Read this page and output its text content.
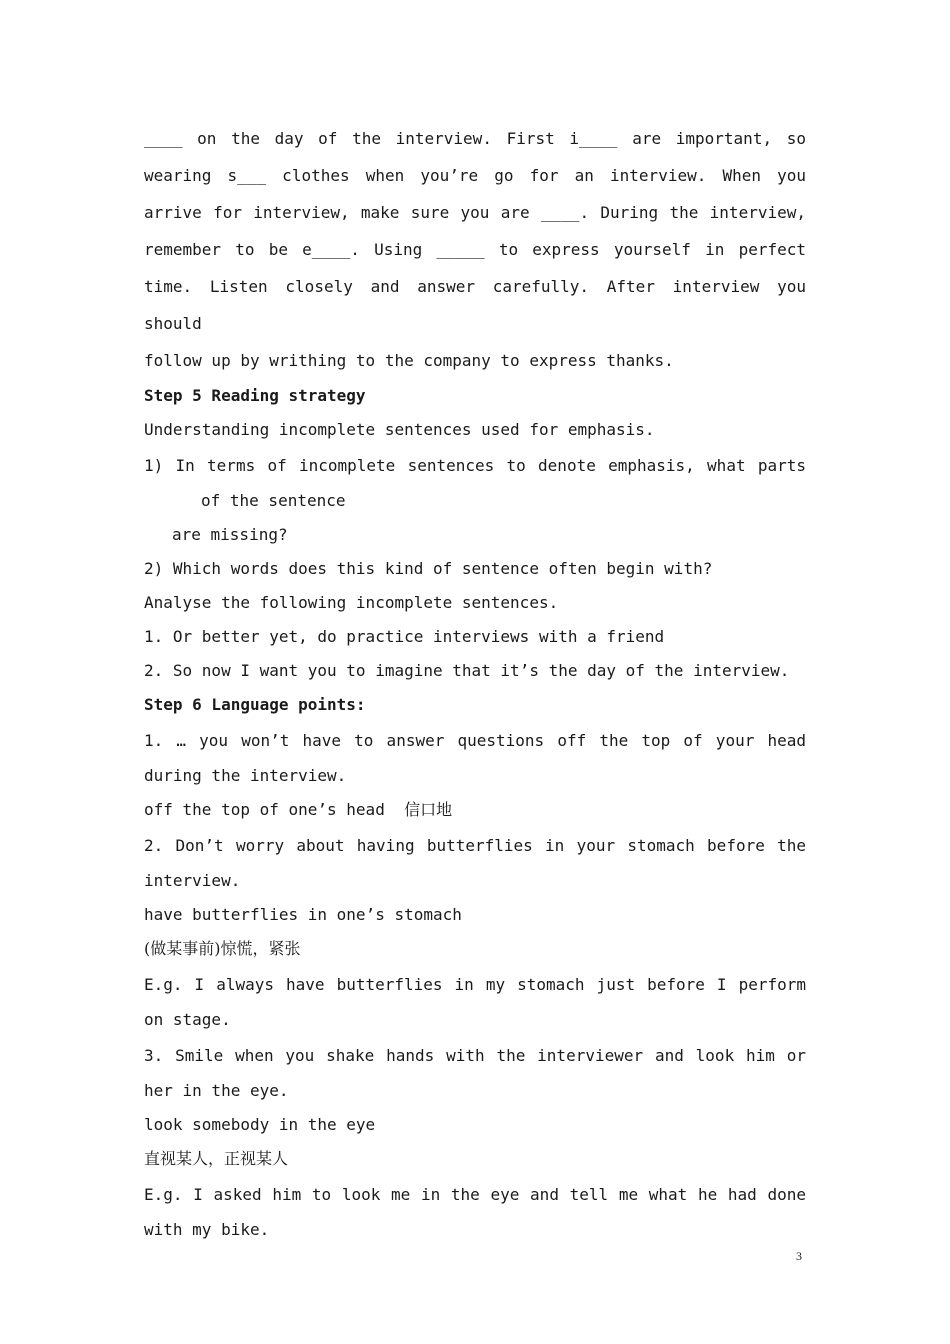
____ on the day of the interview. First i____ are important, so

wearing s___ clothes when you’re go for an interview. When you

arrive for interview, make sure you are ____. During the interview,

remember to be e____. Using _____ to express yourself in perfect

time. Listen closely and answer carefully. After interview you should

follow up by writhing to the company to express thanks.

Step 5 Reading strategy

Understanding incomplete sentences used for emphasis.

1) In terms of incomplete sentences to denote emphasis, what parts

of the sentence

are missing?

2) Which words does this kind of sentence often begin with?

Analyse the following incomplete sentences.

1. Or better yet, do practice interviews with a friend

2. So now I want you to imagine that it’s the day of the interview.

Step 6 Language points:

1. … you won’t have to answer questions off the top of your head

during the interview.

off the top of one’s head 信口地

2. Don’t worry about having butterflies in your stomach before the

interview.

have butterflies in one’s stomach

(做某事前)惊慌，紧张

E.g. I always have butterflies in my stomach just before I perform

on stage.

3. Smile when you shake hands with the interviewer and look him or

her in the eye.

look somebody in the eye

直视某人，正视某人

E.g. I asked him to look me in the eye and tell me what he had done

with my bike.

3
